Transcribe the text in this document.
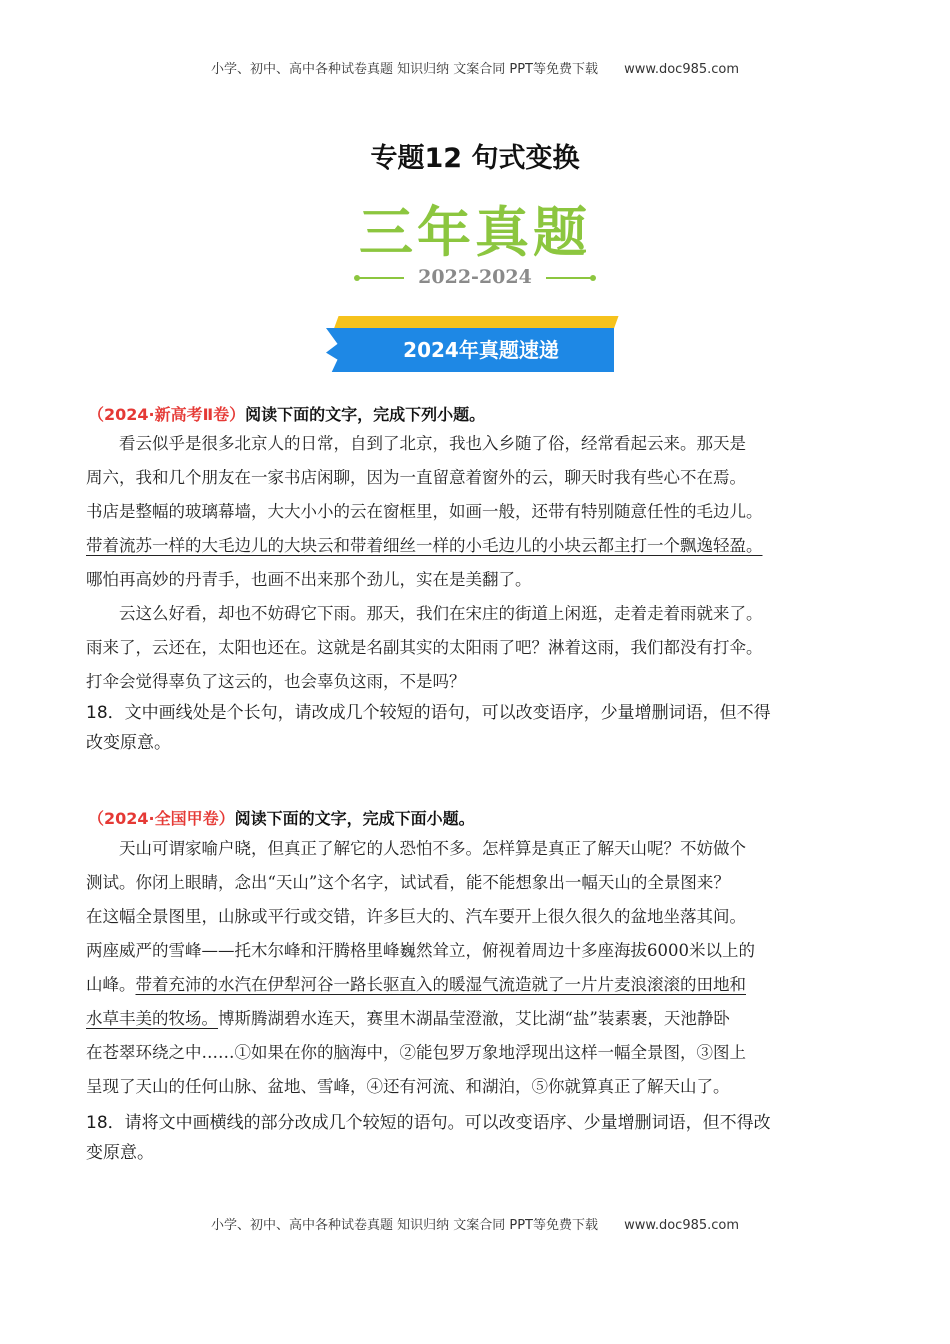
小学、初中、高中各种试卷真题 知识归纳 文案合同 PPT等免费下载 www.doc985.com
专题12 句式变换
三年真题
2022-2024
2024年真题速递
（2024·新高考Ⅱ卷）阅读下面的文字，完成下列小题。
看云似乎是很多北京人的日常，自到了北京，我也入乡随了俗，经常看起云来。那天是
周六，我和几个朋友在一家书店闲聊，因为一直留意着窗外的云，聊天时我有些心不在焉。
书店是整幅的玻璃幕墙，大大小小的云在窗框里，如画一般，还带有特别随意任性的毛边儿。
带着流苏一样的大毛边儿的大块云和带着细丝一样的小毛边儿的小块云都主打一个飘逸轻盈。
哪怕再高妙的丹青手，也画不出来那个劲儿，实在是美翻了。
云这么好看，却也不妨碍它下雨。那天，我们在宋庄的街道上闲逛，走着走着雨就来了。
雨来了，云还在，太阳也还在。这就是名副其实的太阳雨了吧？淋着这雨，我们都没有打伞。
打伞会觉得辜负了这云的，也会辜负这雨，不是吗？
18．文中画线处是个长句，请改成几个较短的语句，可以改变语序，少量增删词语，但不得
改变原意。
（2024·全国甲卷）阅读下面的文字，完成下面小题。
天山可谓家喻户晓，但真正了解它的人恐怕不多。怎样算是真正了解天山呢？不妨做个
测试。你闭上眼睛，念出“天山”这个名字，试试看，能不能想象出一幅天山的全景图来？
在这幅全景图里，山脉或平行或交错，许多巨大的、汽车要开上很久很久的盆地坐落其间。
两座威严的雪峰——托木尔峰和汗腾格里峰巍然耸立，俯视着周边十多座海拔6000米以上的
山峰。带着充沛的水汽在伊犁河谷一路长驱直入的暖湿气流造就了一片片麦浪滚滚的田地和
水草丰美的牧场。博斯腾湖碧水连天，赛里木湖晶莹澄澈，艾比湖“盐”装素裹，天池静卧
在苍翠环绕之中……①如果在你的脑海中，②能包罗万象地浮现出这样一幅全景图，③图上
呈现了天山的任何山脉、盆地、雪峰，④还有河流、和湖泊，⑤你就算真正了解天山了。
18．请将文中画横线的部分改成几个较短的语句。可以改变语序、少量增删词语，但不得改
变原意。
小学、初中、高中各种试卷真题 知识归纳 文案合同 PPT等免费下载 www.doc985.com
